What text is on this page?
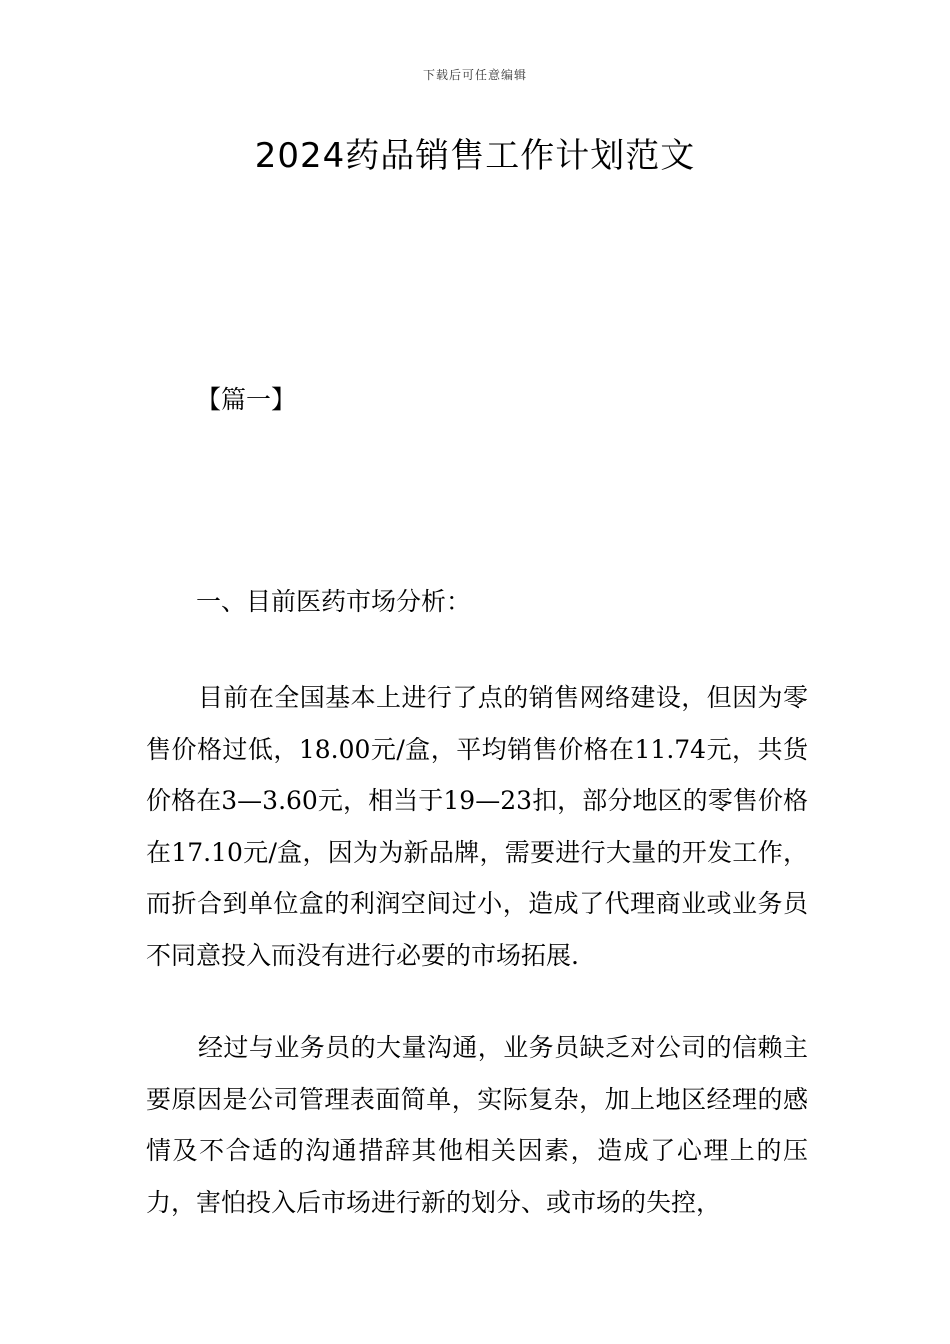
下载后可任意编辑
2024药品销售工作计划范文
【篇一】
一、目前医药市场分析：

目前在全国基本上进行了点的销售网络建设，但因为零售价格过低，18.00元/盒，平均销售价格在11.74元，共货价格在3—3.60元，相当于19—23扣，部分地区的零售价格在17.10元/盒，因为为新品牌，需要进行大量的开发工作，而折合到单位盒的利润空间过小，造成了代理商业或业务员不同意投入而没有进行必要的市场拓展.

经过与业务员的大量沟通，业务员缺乏对公司的信赖主要原因是公司管理表面简单，实际复杂，加上地区经理的感情及不合适的沟通措辞其他相关因素，造成了心理上的压力，害怕投入后市场进行新的划分、或市场的失控，
